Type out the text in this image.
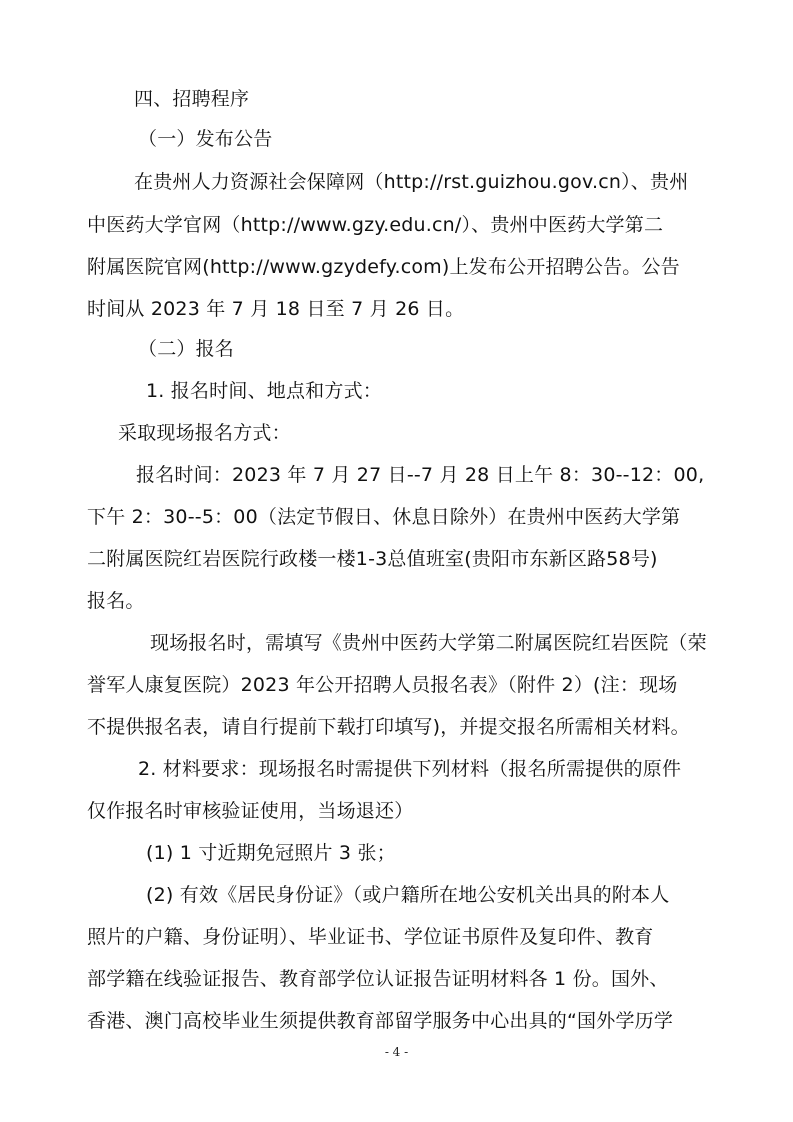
四、招聘程序
（一）发布公告
在贵州人力资源社会保障网（http://rst.guizhou.gov.cn）、贵州
中医药大学官网（http://www.gzy.edu.cn/）、贵州中医药大学第二
附属医院官网(http://www.gzydefy.com)上发布公开招聘公告。公告
时间从 2023 年 7 月 18 日至 7 月 26 日。
（二）报名
1. 报名时间、地点和方式：
采取现场报名方式：
报名时间：2023 年 7 月 27 日--7 月 28 日上午 8：30--12：00,
下午 2：30--5：00（法定节假日、休息日除外）在贵州中医药大学第
二附属医院红岩医院行政楼一楼1-3总值班室(贵阳市东新区路58号)
报名。
现场报名时，需填写《贵州中医药大学第二附属医院红岩医院（荣
誉军人康复医院）2023 年公开招聘人员报名表》（附件 2）(注：现场
不提供报名表，请自行提前下载打印填写)，并提交报名所需相关材料。
2. 材料要求：现场报名时需提供下列材料（报名所需提供的原件
仅作报名时审核验证使用，当场退还）
(1) 1 寸近期免冠照片 3 张；
(2) 有效《居民身份证》（或户籍所在地公安机关出具的附本人
照片的户籍、身份证明）、毕业证书、学位证书原件及复印件、教育
部学籍在线验证报告、教育部学位认证报告证明材料各 1 份。国外、
香港、澳门高校毕业生须提供教育部留学服务中心出具的“国外学历学
- 4 -
